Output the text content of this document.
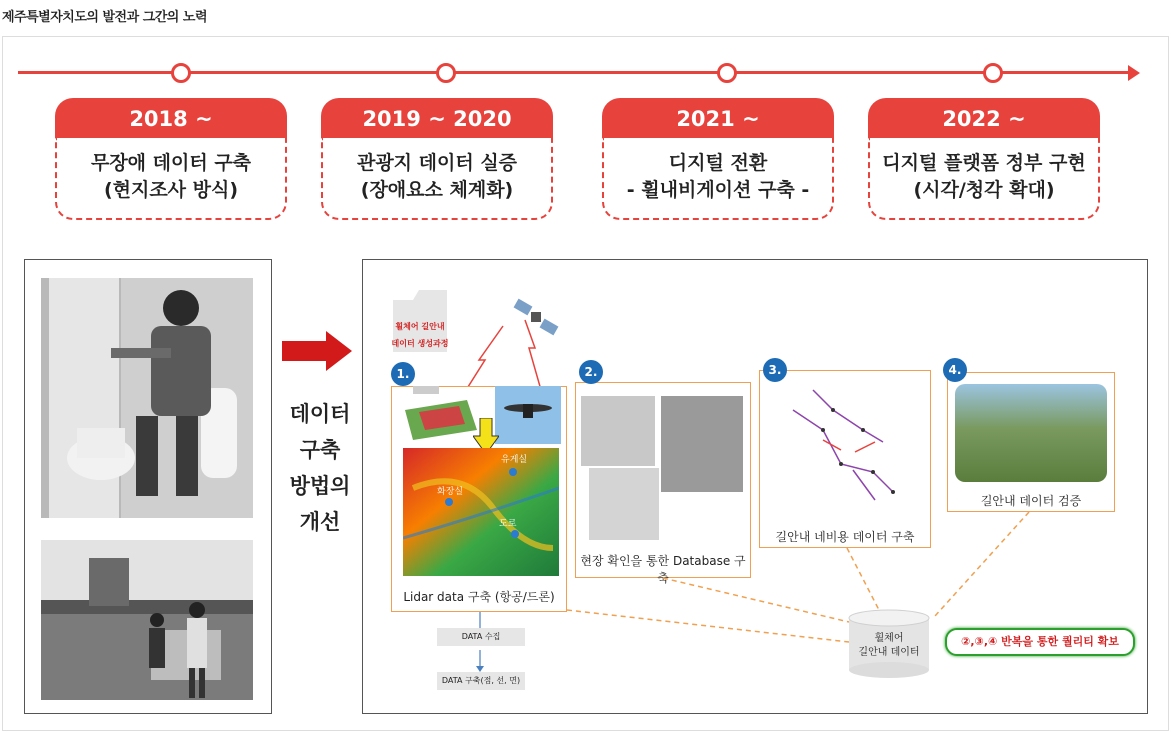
제주특별자치도의 발전과 그간의 노력
2018 ~
무장애 데이터 구축
(현지조사 방식)
2019 ~ 2020
관광지 데이터 실증
(장애요소 체계화)
2021 ~
디지털 전환
- 휠내비게이션 구축 -
2022 ~
디지털 플랫폼 정부 구현
(시각/청각 확대)
데이터
구축
방법의
개선
휠체어 길안내
데이터 생성과정
1.
화장실
유게실
도로
Lidar data 구축 (항공/드론)
DATA 수집
DATA 구축(점, 선, 면)
2.
현장 확인을 통한 Database 구축
3.
길안내 네비용 데이터 구축
4.
길안내 데이터 검증
휠체어
길안내 데이터
②,③,④ 반복을 통한 퀄리티 확보
